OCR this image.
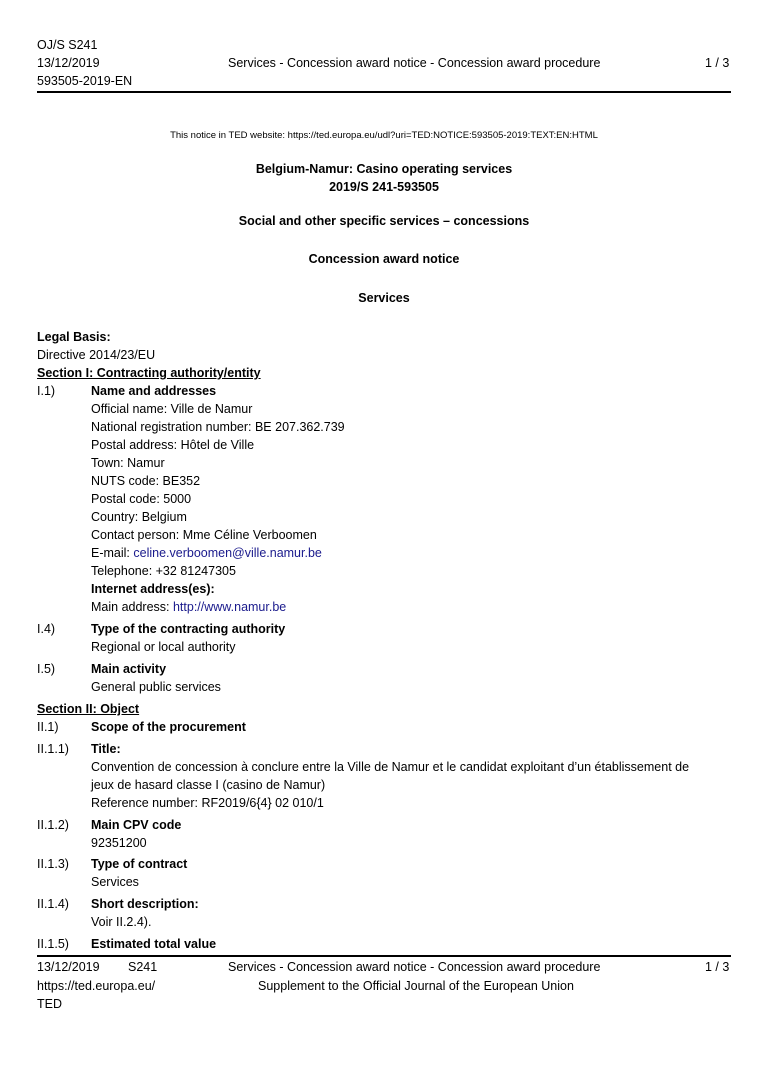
OJ/S S241
13/12/2019	Services - Concession award notice - Concession award procedure	1 / 3
593505-2019-EN
This notice in TED website: https://ted.europa.eu/udl?uri=TED:NOTICE:593505-2019:TEXT:EN:HTML
Belgium-Namur: Casino operating services
2019/S 241-593505
Social and other specific services – concessions
Concession award notice
Services
Legal Basis:
Directive 2014/23/EU
Section I: Contracting authority/entity
I.1)	Name and addresses
Official name: Ville de Namur
National registration number: BE 207.362.739
Postal address: Hôtel de Ville
Town: Namur
NUTS code: BE352
Postal code: 5000
Country: Belgium
Contact person: Mme Céline Verboomen
E-mail: celine.verboomen@ville.namur.be
Telephone: +32 81247305
Internet address(es):
Main address: http://www.namur.be
I.4)	Type of the contracting authority
Regional or local authority
I.5)	Main activity
General public services
Section II: Object
II.1)	Scope of the procurement
II.1.1) Title:
Convention de concession à conclure entre la Ville de Namur et le candidat exploitant d’un établissement de
jeux de hasard classe I (casino de Namur)
Reference number: RF2019/6{4} 02 010/1
II.1.2) Main CPV code
92351200
II.1.3) Type of contract
Services
II.1.4) Short description:
Voir II.2.4).
II.1.5) Estimated total value
13/12/2019 S241	Services - Concession award notice - Concession award procedure	1 / 3
https://ted.europa.eu/	Supplement to the Official Journal of the European Union
TED
